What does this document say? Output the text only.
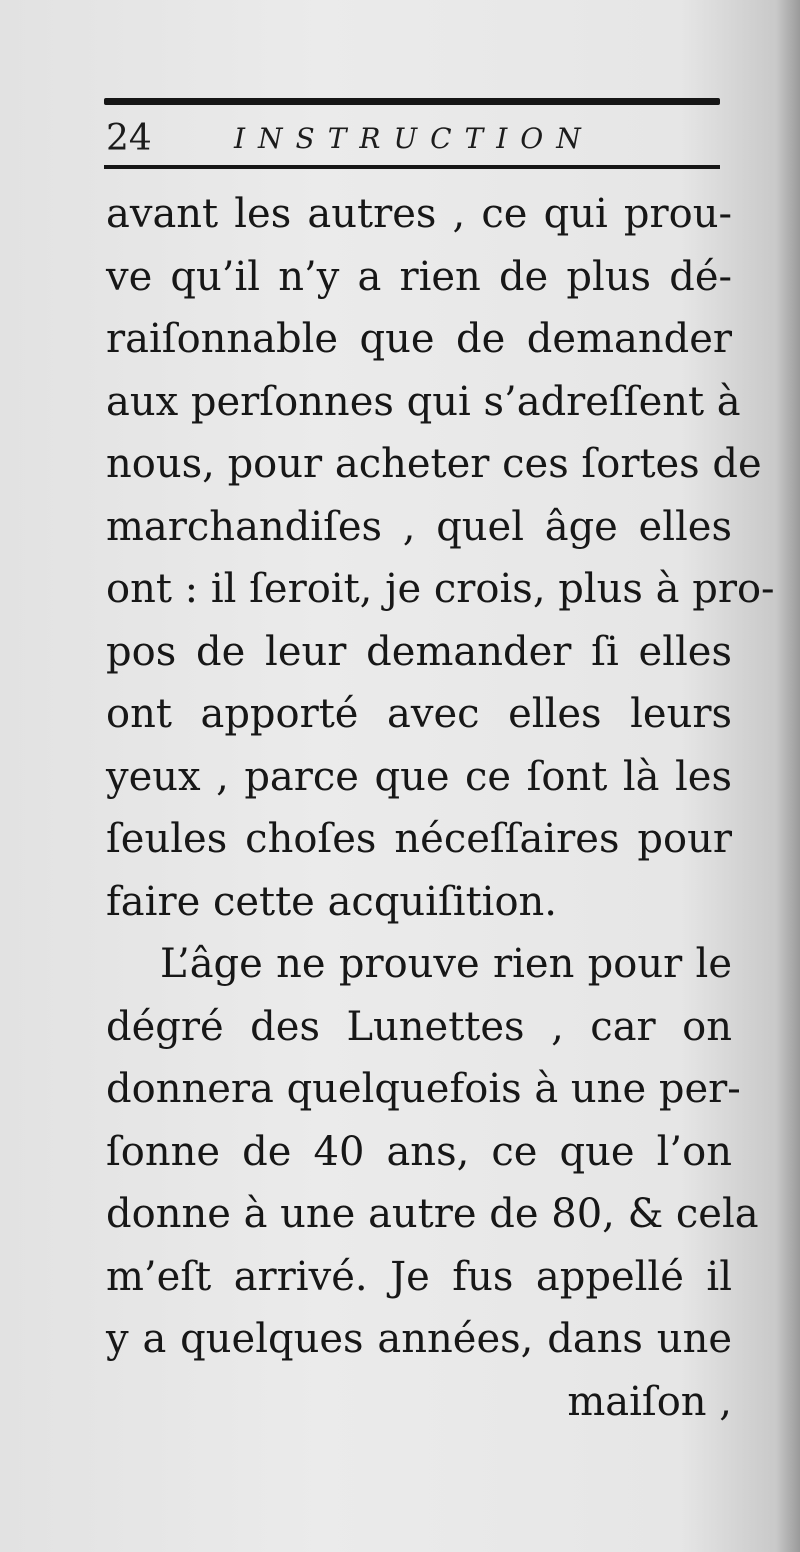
24	INSTRUCTION
avant les autres , ce qui prou-
ve qu’il n’y a rien de plus dé-
raiſonnable que de demander
aux perſonnes qui s’adreſſent à
nous, pour acheter ces ſortes de
marchandiſes , quel âge elles
ont : il ſeroit, je crois, plus à pro-
pos de leur demander ſi elles
ont apporté avec elles leurs
yeux , parce que ce ſont là les
ſeules choſes néceſſaires pour
faire cette acquiſition.
L’âge ne prouve rien pour le
dégré des Lunettes , car on
donnera quelquefois à une per-
ſonne de 40 ans, ce que l’on
donne à une autre de 80, & cela
m’eſt arrivé. Je fus appellé il
y a quelques années, dans une
maiſon ,
